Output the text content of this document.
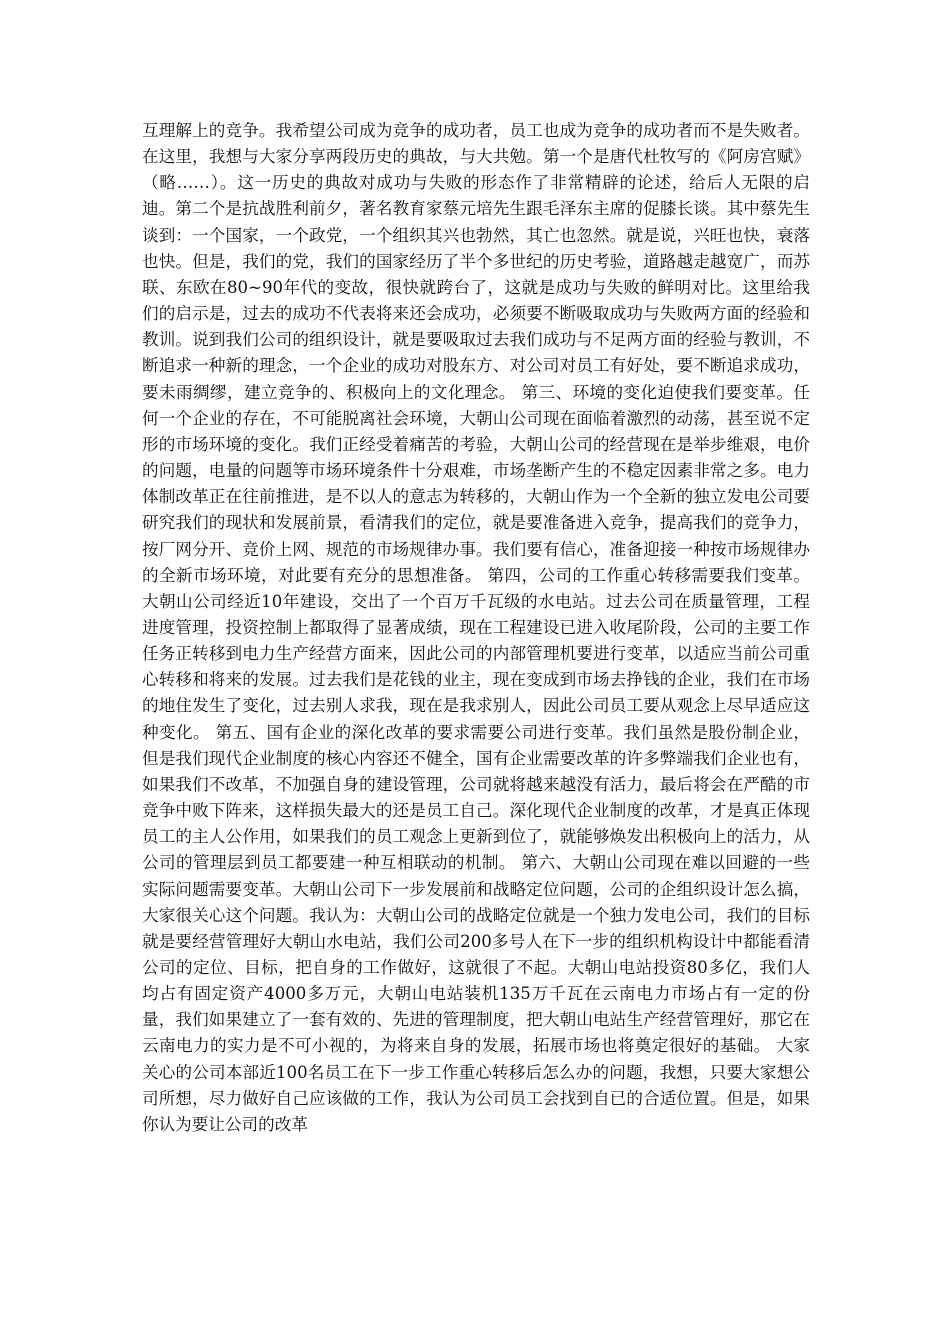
互理解上的竞争。我希望公司成为竞争的成功者，员工也成为竞争的成功者而不是失败者。在这里，我想与大家分享两段历史的典故，与大共勉。第一个是唐代杜牧写的《阿房宫赋》（略……）。这一历史的典故对成功与失败的形态作了非常精辟的论述，给后人无限的启迪。第二个是抗战胜利前夕，著名教育家蔡元培先生跟毛泽东主席的促膝长谈。其中蔡先生谈到：一个国家，一个政党，一个组织其兴也勃然，其亡也忽然。就是说，兴旺也快，衰落也快。但是，我们的党，我们的国家经历了半个多世纪的历史考验，道路越走越宽广，而苏联、东欧在80~90年代的变故，很快就跨台了，这就是成功与失败的鲜明对比。这里给我们的启示是，过去的成功不代表将来还会成功，必须要不断吸取成功与失败两方面的经验和教训。说到我们公司的组织设计，就是要吸取过去我们成功与不足两方面的经验与教训，不断追求一种新的理念，一个企业的成功对股东方、对公司对员工有好处，要不断追求成功，要未雨绸缪，建立竞争的、积极向上的文化理念。 第三、环境的变化迫使我们要变革。任何一个企业的存在，不可能脱离社会环境，大朝山公司现在面临着激烈的动荡，甚至说不定形的市场环境的变化。我们正经受着痛苦的考验，大朝山公司的经营现在是举步维艰，电价的问题，电量的问题等市场环境条件十分艰难，市场垄断产生的不稳定因素非常之多。电力体制改革正在往前推进，是不以人的意志为转移的，大朝山作为一个全新的独立发电公司要研究我们的现状和发展前景，看清我们的定位，就是要准备进入竞争，提高我们的竞争力，按厂网分开、竞价上网、规范的市场规律办事。我们要有信心，准备迎接一种按市场规律办的全新市场环境，对此要有充分的思想准备。 第四，公司的工作重心转移需要我们变革。大朝山公司经近10年建设，交出了一个百万千瓦级的水电站。过去公司在质量管理，工程进度管理，投资控制上都取得了显著成绩，现在工程建设已进入收尾阶段，公司的主要工作任务正转移到电力生产经营方面来，因此公司的内部管理机要进行变革，以适应当前公司重心转移和将来的发展。过去我们是花钱的业主，现在变成到市场去挣钱的企业，我们在市场的地住发生了变化，过去别人求我，现在是我求别人，因此公司员工要从观念上尽早适应这种变化。 第五、国有企业的深化改革的要求需要公司进行变革。我们虽然是股份制企业，但是我们现代企业制度的核心内容还不健全，国有企业需要改革的许多弊端我们企业也有，如果我们不改革，不加强自身的建设管理，公司就将越来越没有活力，最后将会在严酷的市竞争中败下阵来，这样损失最大的还是员工自己。深化现代企业制度的改革，才是真正体现员工的主人公作用，如果我们的员工观念上更新到位了，就能够焕发出积极向上的活力，从公司的管理层到员工都要建一种互相联动的机制。 第六、大朝山公司现在难以回避的一些实际问题需要变革。大朝山公司下一步发展前和战略定位问题，公司的企组织设计怎么搞，大家很关心这个问题。我认为：大朝山公司的战略定位就是一个独力发电公司，我们的目标就是要经营管理好大朝山水电站，我们公司200多号人在下一步的组织机构设计中都能看清公司的定位、目标，把自身的工作做好，这就很了不起。大朝山电站投资80多亿，我们人均占有固定资产4000多万元，大朝山电站装机135万千瓦在云南电力市场占有一定的份量，我们如果建立了一套有效的、先进的管理制度，把大朝山电站生产经营管理好，那它在云南电力的实力是不可小视的，为将来自身的发展，拓展市场也将奠定很好的基础。 大家关心的公司本部近100名员工在下一步工作重心转移后怎么办的问题，我想，只要大家想公司所想，尽力做好自己应该做的工作，我认为公司员工会找到自已的合适位置。但是，如果你认为要让公司的改革
